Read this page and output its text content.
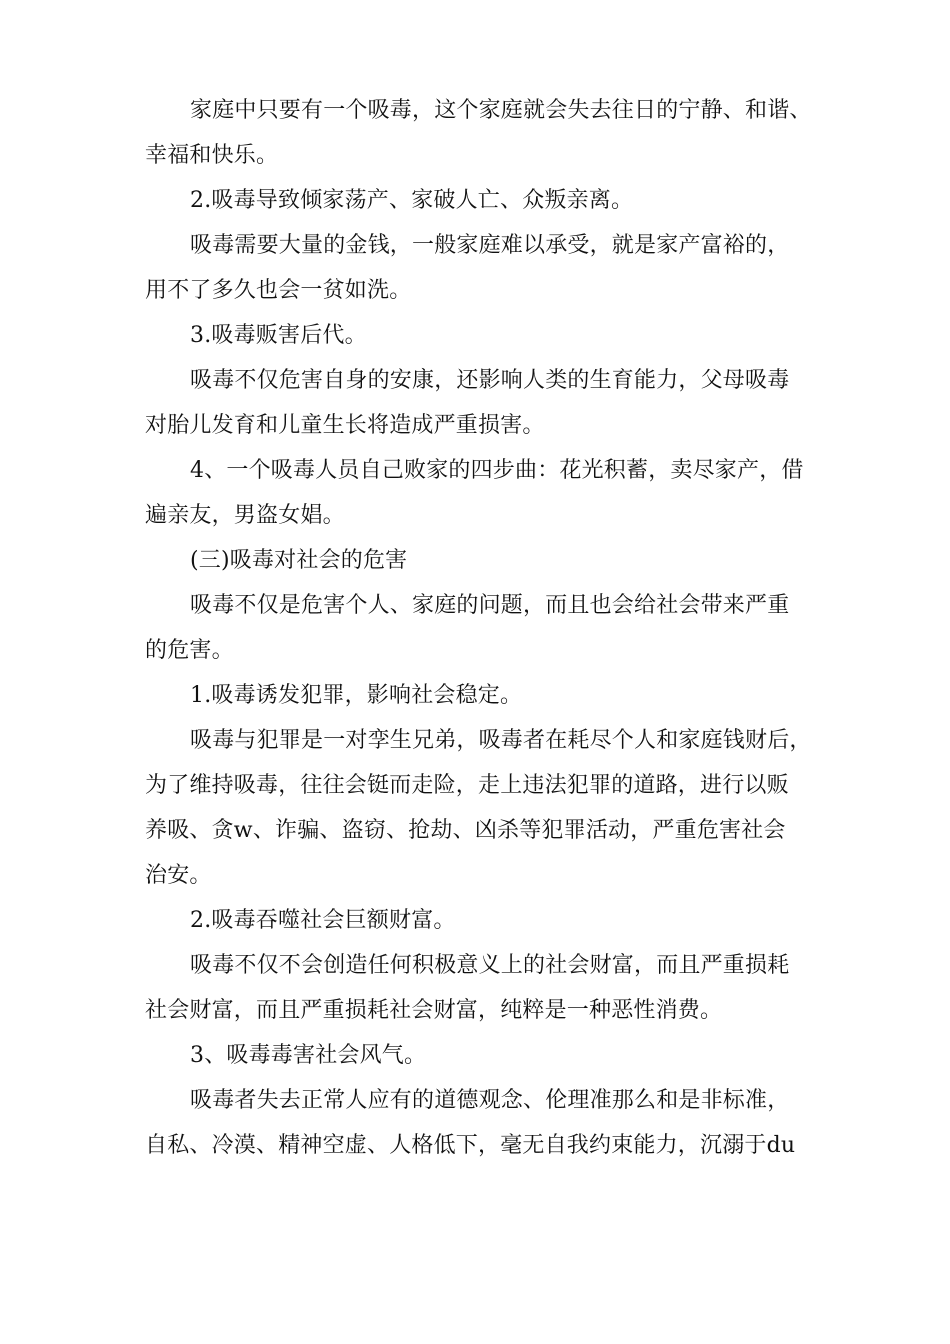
家庭中只要有一个吸毒，这个家庭就会失去往日的宁静、和谐、
幸福和快乐。
2.吸毒导致倾家荡产、家破人亡、众叛亲离。
吸毒需要大量的金钱，一般家庭难以承受，就是家产富裕的，
用不了多久也会一贫如洗。
3.吸毒贩害后代。
吸毒不仅危害自身的安康，还影响人类的生育能力，父母吸毒
对胎儿发育和儿童生长将造成严重损害。
4、一个吸毒人员自己败家的四步曲：花光积蓄，卖尽家产，借
遍亲友，男盗女娼。
(三)吸毒对社会的危害
吸毒不仅是危害个人、家庭的问题，而且也会给社会带来严重
的危害。
1.吸毒诱发犯罪，影响社会稳定。
吸毒与犯罪是一对孪生兄弟，吸毒者在耗尽个人和家庭钱财后，
为了维持吸毒，往往会铤而走险，走上违法犯罪的道路，进行以贩
养吸、贪w、诈骗、盗窃、抢劫、凶杀等犯罪活动，严重危害社会
治安。
2.吸毒吞噬社会巨额财富。
吸毒不仅不会创造任何积极意义上的社会财富，而且严重损耗
社会财富，而且严重损耗社会财富，纯粹是一种恶性消费。
3、吸毒毒害社会风气。
吸毒者失去正常人应有的道德观念、伦理准那么和是非标准，
自私、冷漠、精神空虚、人格低下，毫无自我约束能力，沉溺于du
